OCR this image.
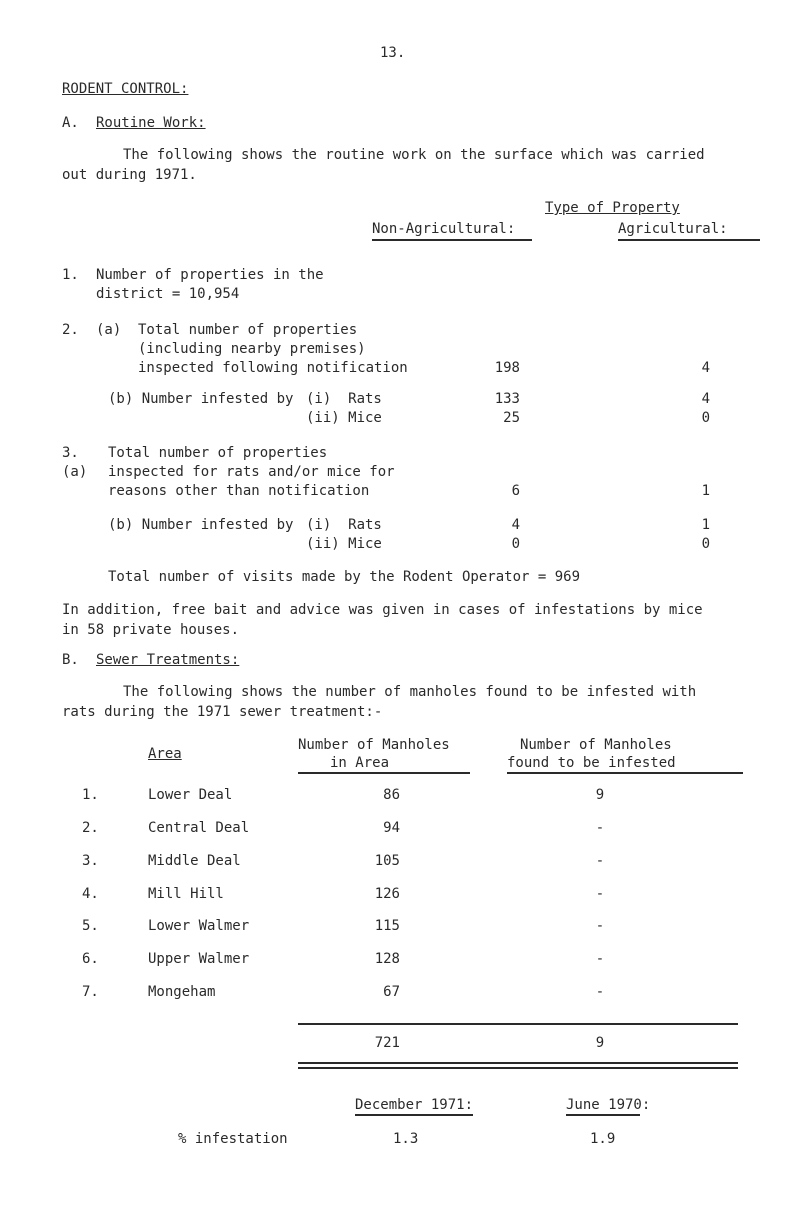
13.
RODENT CONTROL:
A. Routine Work:
The following shows the routine work on the surface which was carried
out during 1971.
Type of Property
Non-Agricultural:	Agricultural:
1. Number of properties in the
district = 10,954
2. (a) Total number of properties
(including nearby premises)
inspected following notification	198	4
(b) Number infested by (i)  Rats	133	4
(ii) Mice	25	0
3. Total number of properties
(a) inspected for rats and/or mice for
reasons other than notification	6	1
(b) Number infested by (i)  Rats	4	1
(ii) Mice	0	0
Total number of visits made by the Rodent Operator = 969
In addition, free bait and advice was given in cases of infestations by mice
in 58 private houses.
B. Sewer Treatments:
The following shows the number of manholes found to be infested with
rats during the 1971 sewer treatment:-
Area
Number of Manholes
in Area
Number of Manholes
found to be infested
1.	Lower Deal	86	9
2.	Central Deal	94	-
3.	Middle Deal	105	-
4.	Mill Hill	126	-
5.	Lower Walmer	115	-
6.	Upper Walmer	128	-
7.	Mongeham	67	-
721	9
December 1971:	June 1970:
% infestation	1.3	1.9
